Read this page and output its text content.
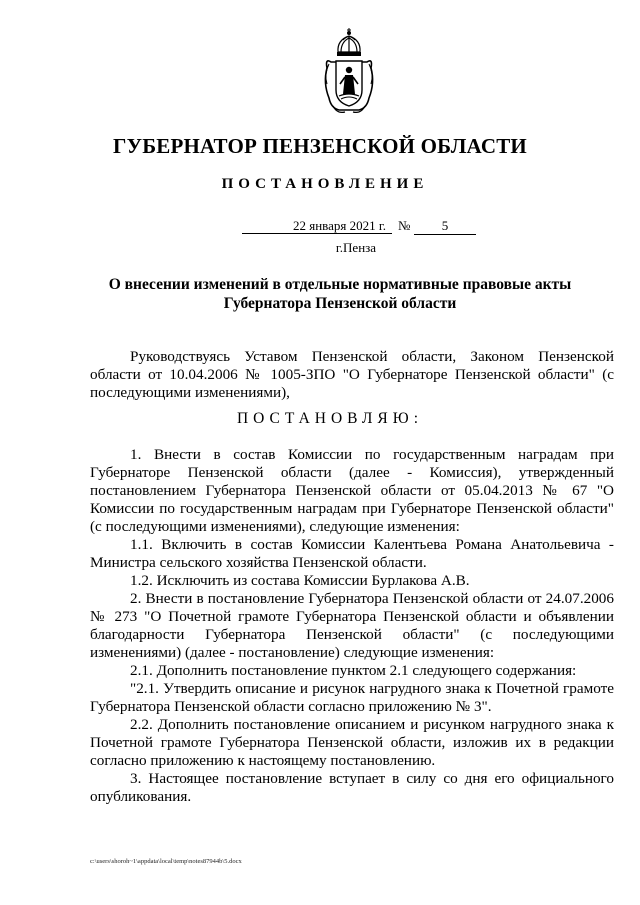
ГУБЕРНАТОР ПЕНЗЕНСКОЙ ОБЛАСТИ
ПОСТАНОВЛЕНИЕ
22 января 2021 г. №	5
г.Пенза
О внесении изменений в отдельные нормативные правовые акты
Губернатора Пензенской области

Руководствуясь Уставом Пензенской области, Законом Пензенской области от 10.04.2006 № 1005-ЗПО "О Губернаторе Пензенской области" (с последующими изменениями),

ПОСТАНОВЛЯЮ:

1. Внести в состав Комиссии по государственным наградам при Губернаторе Пензенской области (далее - Комиссия), утвержденный постановлением Губернатора Пензенской области от 05.04.2013 № 67 "О Комиссии по государственным наградам при Губернаторе Пензенской области" (с последующими изменениями), следующие изменения:

1.1. Включить в состав Комиссии Калентьева Романа Анатольевича - Министра сельского хозяйства Пензенской области.

1.2. Исключить из состава Комиссии Бурлакова А.В.

2. Внести в постановление Губернатора Пензенской области от 24.07.2006 № 273 "О Почетной грамоте Губернатора Пензенской области и объявлении благодарности Губернатора Пензенской области" (с последующими изменениями) (далее - постановление) следующие изменения:

2.1. Дополнить постановление пунктом 2.1 следующего содержания:

"2.1. Утвердить описание и рисунок нагрудного знака к Почетной грамоте Губернатора Пензенской области согласно приложению № 3".

2.2. Дополнить постановление описанием и рисунком нагрудного знака к Почетной грамоте Губернатора Пензенской области, изложив их в редакции согласно приложению к настоящему постановлению.

3. Настоящее постановление вступает в силу со дня его официального опубликования.

c:\users\shoroh~1\appdata\local\temp\notes87944b\5.docx
